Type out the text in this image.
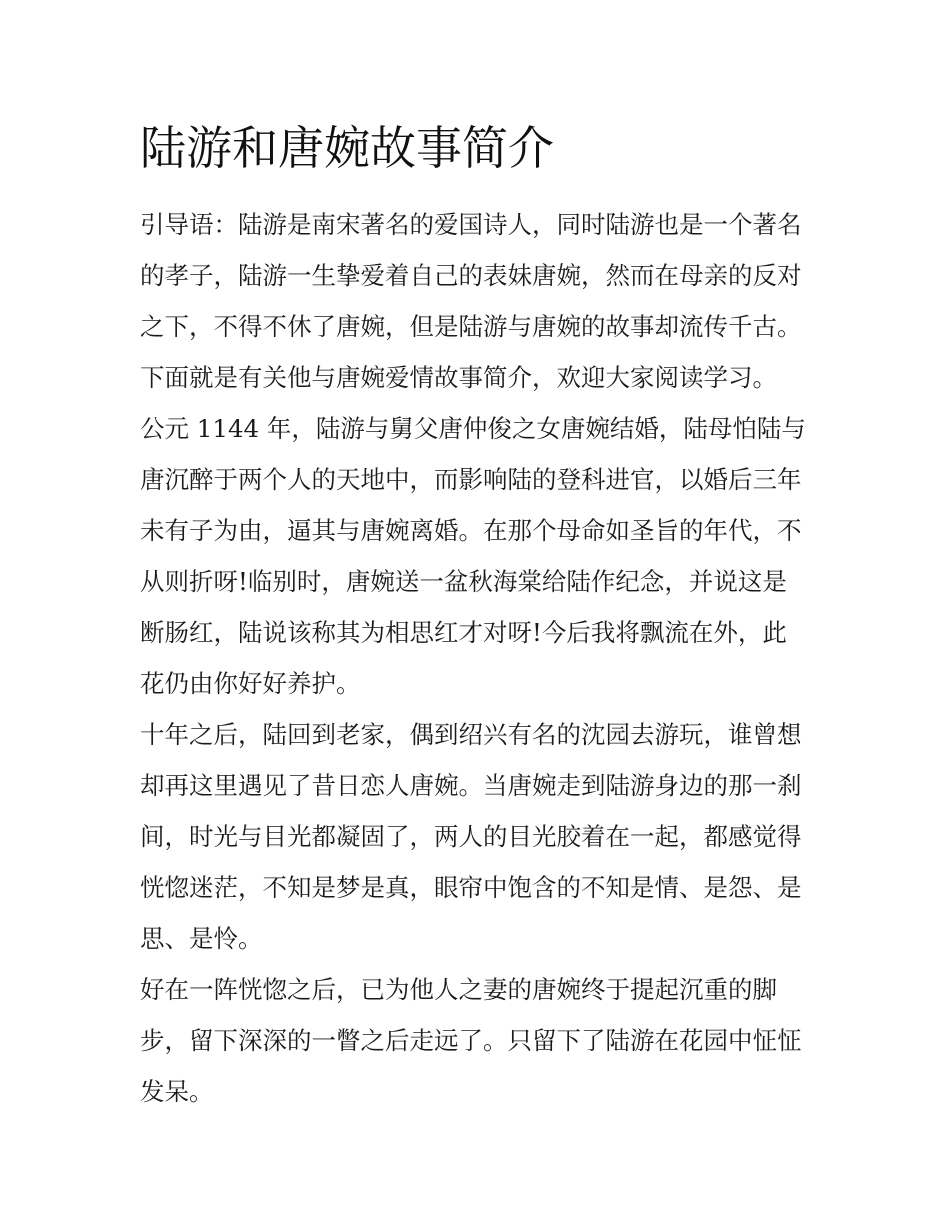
陆游和唐婉故事简介
引导语：陆游是南宋著名的爱国诗人，同时陆游也是一个著名
的孝子，陆游一生挚爱着自己的表妹唐婉，然而在母亲的反对
之下，不得不休了唐婉，但是陆游与唐婉的故事却流传千古。
下面就是有关他与唐婉爱情故事简介，欢迎大家阅读学习。
公元 1144 年，陆游与舅父唐仲俊之女唐婉结婚，陆母怕陆与
唐沉醉于两个人的天地中，而影响陆的登科进官，以婚后三年
未有子为由，逼其与唐婉离婚。在那个母命如圣旨的年代，不
从则折呀!临别时，唐婉送一盆秋海棠给陆作纪念，并说这是
断肠红，陆说该称其为相思红才对呀!今后我将飘流在外，此
花仍由你好好养护。
十年之后，陆回到老家，偶到绍兴有名的沈园去游玩，谁曾想
却再这里遇见了昔日恋人唐婉。当唐婉走到陆游身边的那一刹
间，时光与目光都凝固了，两人的目光胶着在一起，都感觉得
恍惚迷茫，不知是梦是真，眼帘中饱含的不知是情、是怨、是
思、是怜。
好在一阵恍惚之后，已为他人之妻的唐婉终于提起沉重的脚
步，留下深深的一瞥之后走远了。只留下了陆游在花园中怔怔
发呆。
